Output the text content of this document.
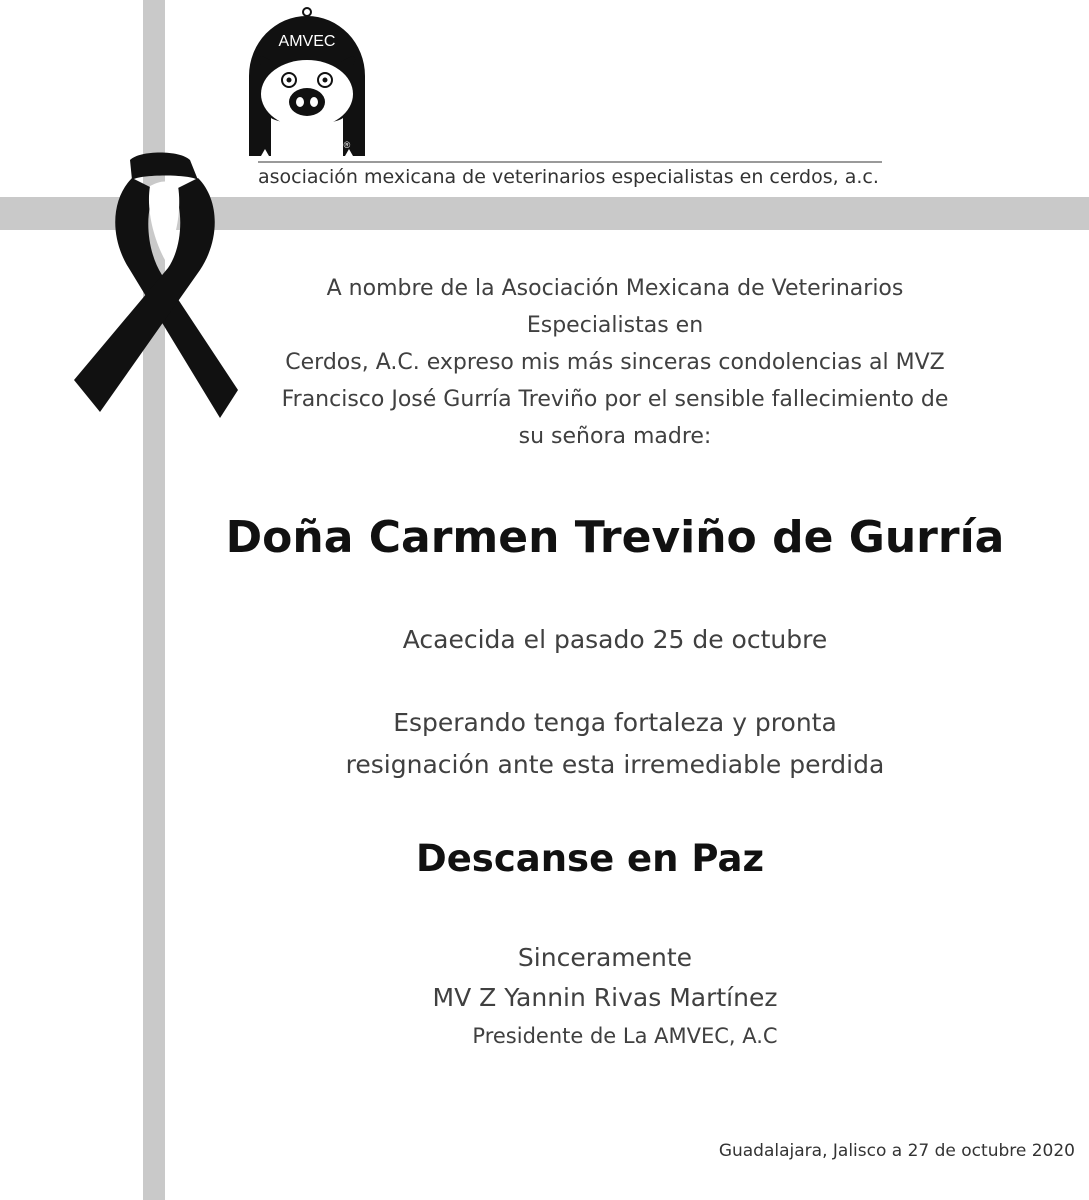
AMVEC
®
asociación mexicana de veterinarios especialistas en cerdos, a.c.
A nombre de la Asociación Mexicana de Veterinarios
Especialistas en
Cerdos, A.C. expreso mis más sinceras condolencias al MVZ
Francisco José Gurría Treviño por el sensible fallecimiento de
su señora madre:
Doña Carmen Treviño de Gurría
Acaecida el pasado 25 de octubre
Esperando tenga fortaleza y pronta
resignación ante esta irremediable perdida
Descanse en Paz
Sinceramente
MV Z Yannin Rivas Martínez
Presidente de La AMVEC, A.C
Guadalajara, Jalisco a 27 de octubre 2020
